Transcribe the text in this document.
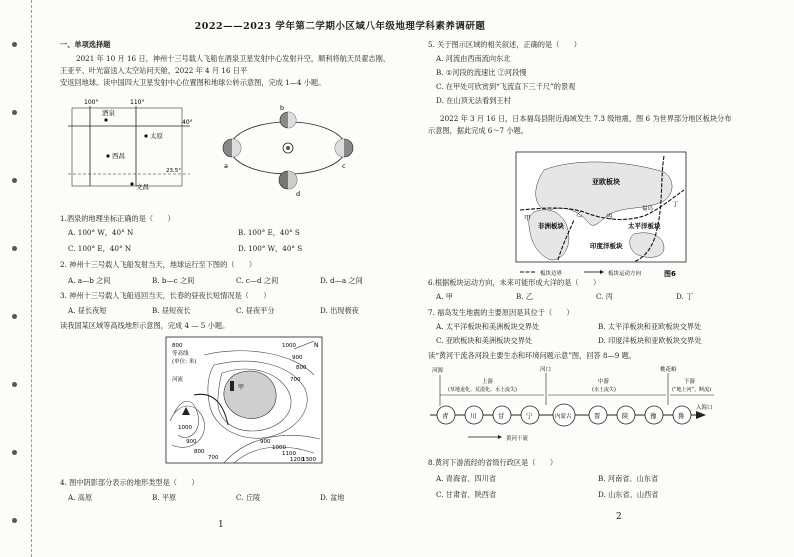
2022——2023 学年第二学期小区域八年级地理学科素养调研题
一、单项选择题
2021 年 10 月 16 日，神州十三号载人飞船在酒泉卫星发射中心发射升空，顺利将航天员翟志刚、
王亚平、叶光富送入太空站问天舱，2022 年 4 月 16 日平
安返回地球。读中国四大卫星发射中心位置图和地球公转示意图，完成 1—4 小题。
100°	110°
40°
酒泉
太原
西昌
文昌
23.5°
a
b
c
d
1.酒泉的地理坐标正确的是（　　）
A. 100° W，40° N	B. 100° E，40° S
C. 100° E，40° N	D. 100° W，40° S
2. 神州十三号载人飞船发射当天，地球运行至下图的（　　）
A. a—b 之间	B. b—c 之间	C. c—d 之间	D. d—a 之间
3. 神州十三号载人飞船返回当天，长春的昼夜长短情况是（　　）
A. 昼长夜短	B. 昼短夜长	C. 昼夜平分	D. 出现极夜
读我国某区域等高线地形示意图，完成 4 — 5 小题。
800
等高线
(单位: 米)
甲
河流
1000
900
800
700
1000
900
800
700
900
1000
1100
1200
1300
N
4. 图中阴影部分表示的地形类型是（　　）
A. 高原	B. 平原	C. 丘陵	D. 盆地
1
5. 关于图示区域的相关叙述，正确的是（　　）
A. 河流由西南流向东北
B. ①河段的流速比 ②河段慢
C. 在甲处可欣赏到“飞流直下三千尺”的景观
D. 在山顶无法看到王村
2022 年 3 月 16 日，日本福岛县附近海域发生 7.3 级地震，图 6 为世界部分地区板块分布
示意图，据此完成 6～7 小题。
亚欧板块
甲
非洲板块
乙	丙
印度洋板块
太平洋板块
福岛
丁
板块边界	板块运动方向	图6
6.根据板块运动方向，未来可能形成大洋的是（　　）
A. 甲	B. 乙	C. 丙	D. 丁
7. 福岛发生地震的主要原因是其位于（　　）
A. 太平洋板块和美洲板块交界处	B. 太平洋板块和亚欧板块交界处
C. 亚欧板块和美洲板块交界处	D. 印度洋板块和亚欧板块交界处
读“黄河干流各河段主要生态和环境问题示意”图，回答 8—9 题。
青	川	甘	宁	内蒙古	晋	陕	豫	鲁
河源	河口	桃花峪
上游
(草地退化、荒漠化、水土流失)
中游
(水土流失)
下游
(“地上河”、断流)
入海口
黄河干流
8.黄河下游流经的省级行政区是（　　）
A. 青海省、四川省	B. 河南省、山东省
C. 甘肃省、陕西省	D. 山东省、山西省
2
